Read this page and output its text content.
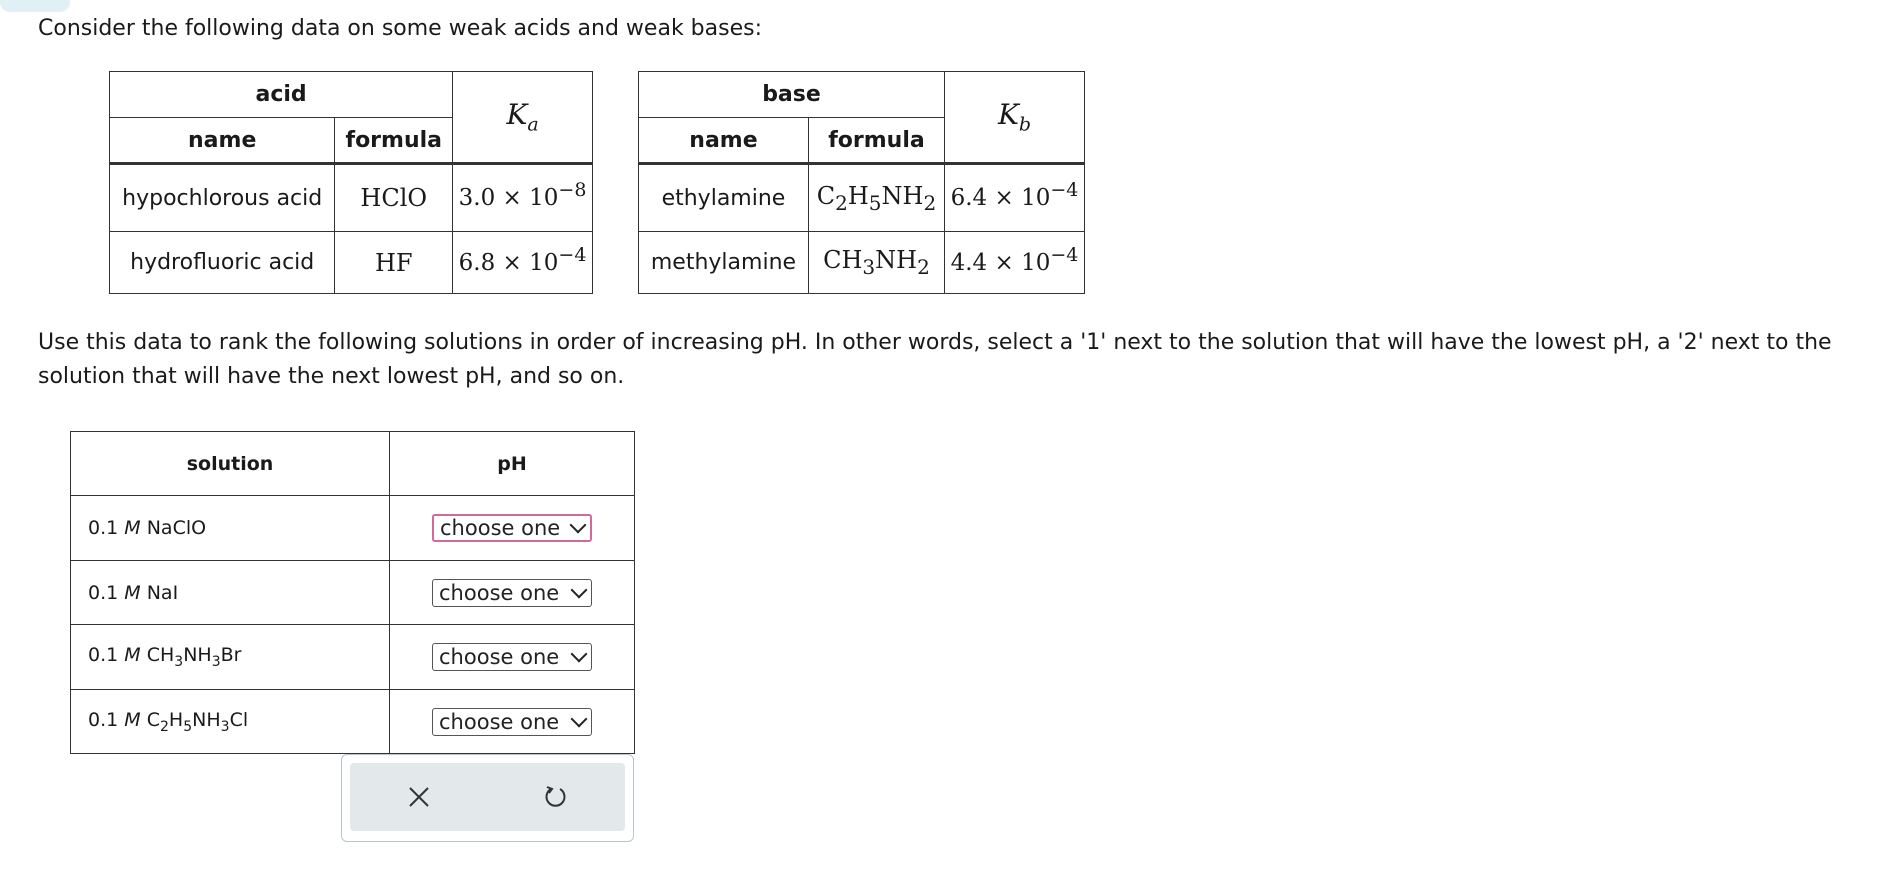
Consider the following data on some weak acids and weak bases:
acid		$K_a$
name	formula	
hypochlorous acid	HClO	$3.0 \times 10^{-8}$
hydrofluoric acid	HF	$6.8 \times 10^{-4}$
base		$K_b$
name	formula	
ethylamine	$C_2H_5NH_2$	$6.4 \times 10^{-4}$
methylamine	$CH_3NH_2$	$4.4 \times 10^{-4}$
Use this data to rank the following solutions in order of increasing pH. In other words, select a '1' next to the solution that will have the lowest pH, a '2' next to the solution that will have the next lowest pH, and so on.
solution	pH
0.1 M NaClO	choose one

0.1 M NaI	choose one

0.1 M $CH_3NH_3Br$	choose one

0.1 M $C_2H_5NH_3Cl$	choose one
